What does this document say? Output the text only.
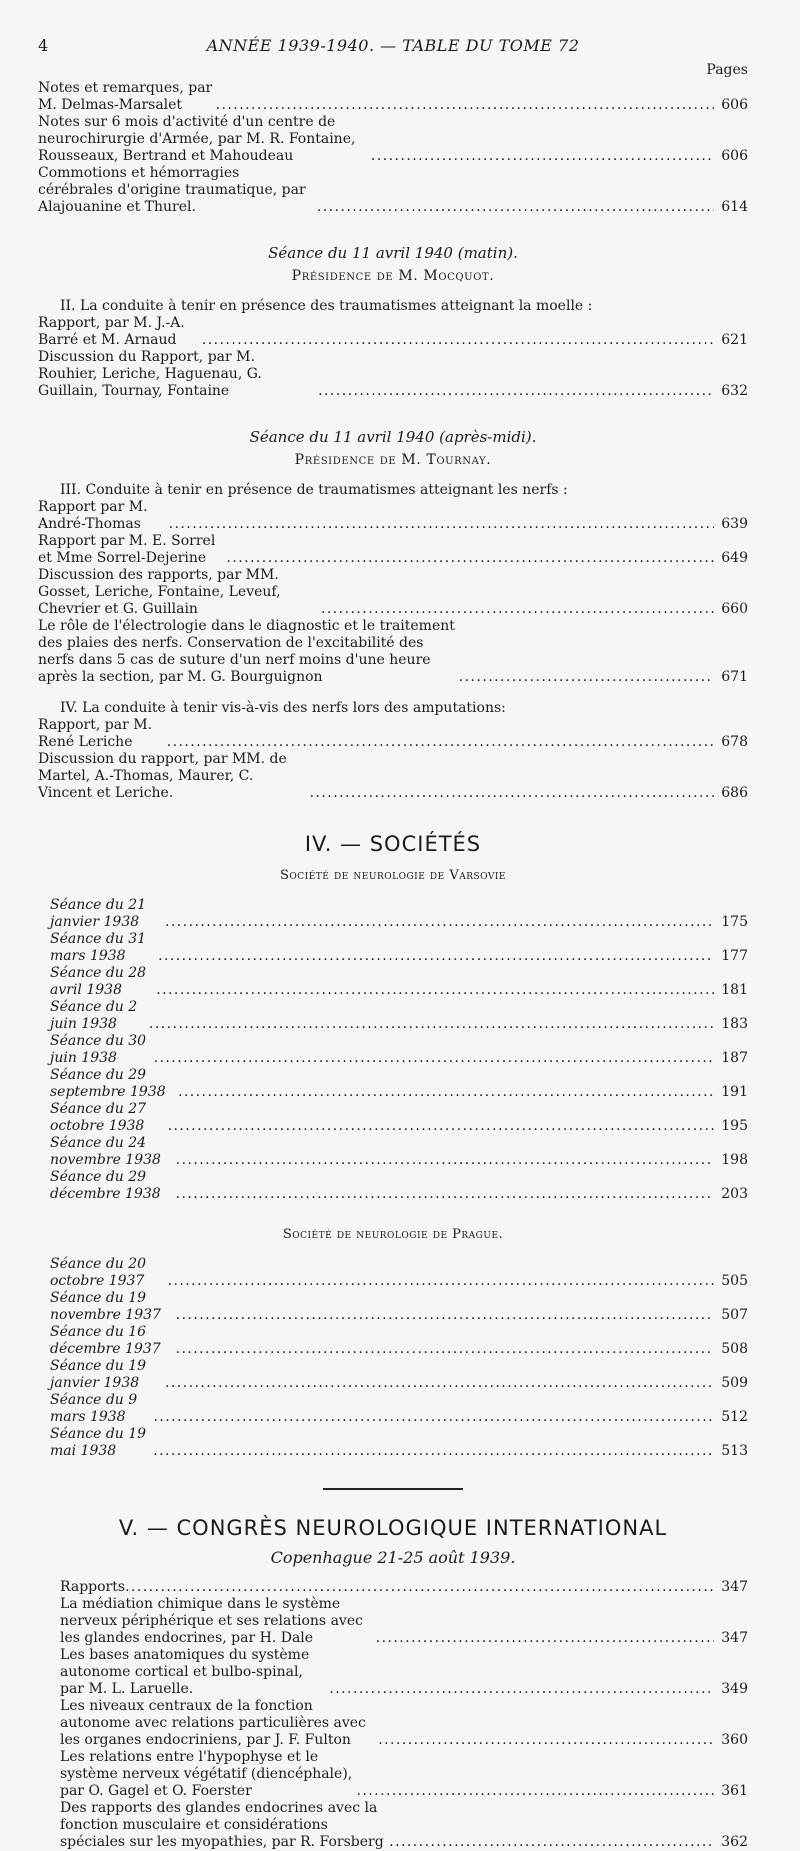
4	ANNÉE 1939-1940. — TABLE DU TOME 72
Pages
Notes et remarques, par M. Delmas-Marsalet . . .	606
Notes sur 6 mois d'activité d'un centre de neurochirurgie d'Armée, par M. R. Fontaine, Rousseaux, Bertrand et Mahoudeau . . .	606
Commotions et hémorragies cérébrales d'origine traumatique, par Alajouanine et Thurel. . . .	614
Séance du 11 avril 1940 (matin).
Présidence de M. Mocquot.
II. La conduite à tenir en présence des traumatismes atteignant la moelle :
Rapport, par M. J.-A. Barré et M. Arnaud . . .	621
Discussion du Rapport, par M. Rouhier, Leriche, Haguenau, G. Guillain, Tournay, Fontaine . . .	632
Séance du 11 avril 1940 (après-midi).
Présidence de M. Tournay.
III. Conduite à tenir en présence de traumatismes atteignant les nerfs :
Rapport par M. André-Thomas . . .	639
Rapport par M. E. Sorrel et Mme Sorrel-Dejerine . . .	649
Discussion des rapports, par MM. Gosset, Leriche, Fontaine, Leveuf, Chevrier et G. Guillain . . .	660
Le rôle de l'électrologie dans le diagnostic et le traitement des plaies des nerfs. Conservation de l'excitabilité des nerfs dans 5 cas de suture d'un nerf moins d'une heure après la section, par M. G. Bourguignon . . .	671
IV. La conduite à tenir vis-à-vis des nerfs lors des amputations:
Rapport, par M. René Leriche . . .	678
Discussion du rapport, par MM. de Martel, A.-Thomas, Maurer, C. Vincent et Leriche. . . .	686
IV. — SOCIÉTÉS
Société de neurologie de Varsovie
Séance du 21 janvier 1938 . . .	175
Séance du 31 mars 1938 . . .	177
Séance du 28 avril 1938 . . .	181
Séance du 2 juin 1938 . . .	183
Séance du 30 juin 1938 . . .	187
Séance du 29 septembre 1938 . . .	191
Séance du 27 octobre 1938 . . .	195
Séance du 24 novembre 1938 . . .	198
Séance du 29 décembre 1938 . . .	203
Société de neurologie de Prague.
Séance du 20 octobre 1937 . . .	505
Séance du 19 novembre 1937 . . .	507
Séance du 16 décembre 1937 . . .	508
Séance du 19 janvier 1938 . . .	509
Séance du 9 mars 1938 . . .	512
Séance du 19 mai 1938 . . .	513
V. — CONGRÈS NEUROLOGIQUE INTERNATIONAL
Copenhague 21-25 août 1939.
Rapports . . .	347
La médiation chimique dans le système nerveux périphérique et ses relations avec les glandes endocrines, par H. Dale . . .	347
Les bases anatomiques du système autonome cortical et bulbo-spinal, par M. L. Laruelle. . . .	349
Les niveaux centraux de la fonction autonome avec relations particulières avec les organes endocriniens, par J. F. Fulton . . .	360
Les relations entre l'hypophyse et le système nerveux végétatif (diencéphale), par O. Gagel et O. Foerster . . .	361
Des rapports des glandes endocrines avec la fonction musculaire et considérations spéciales sur les myopathies, par R. Forsberg . . .	362
